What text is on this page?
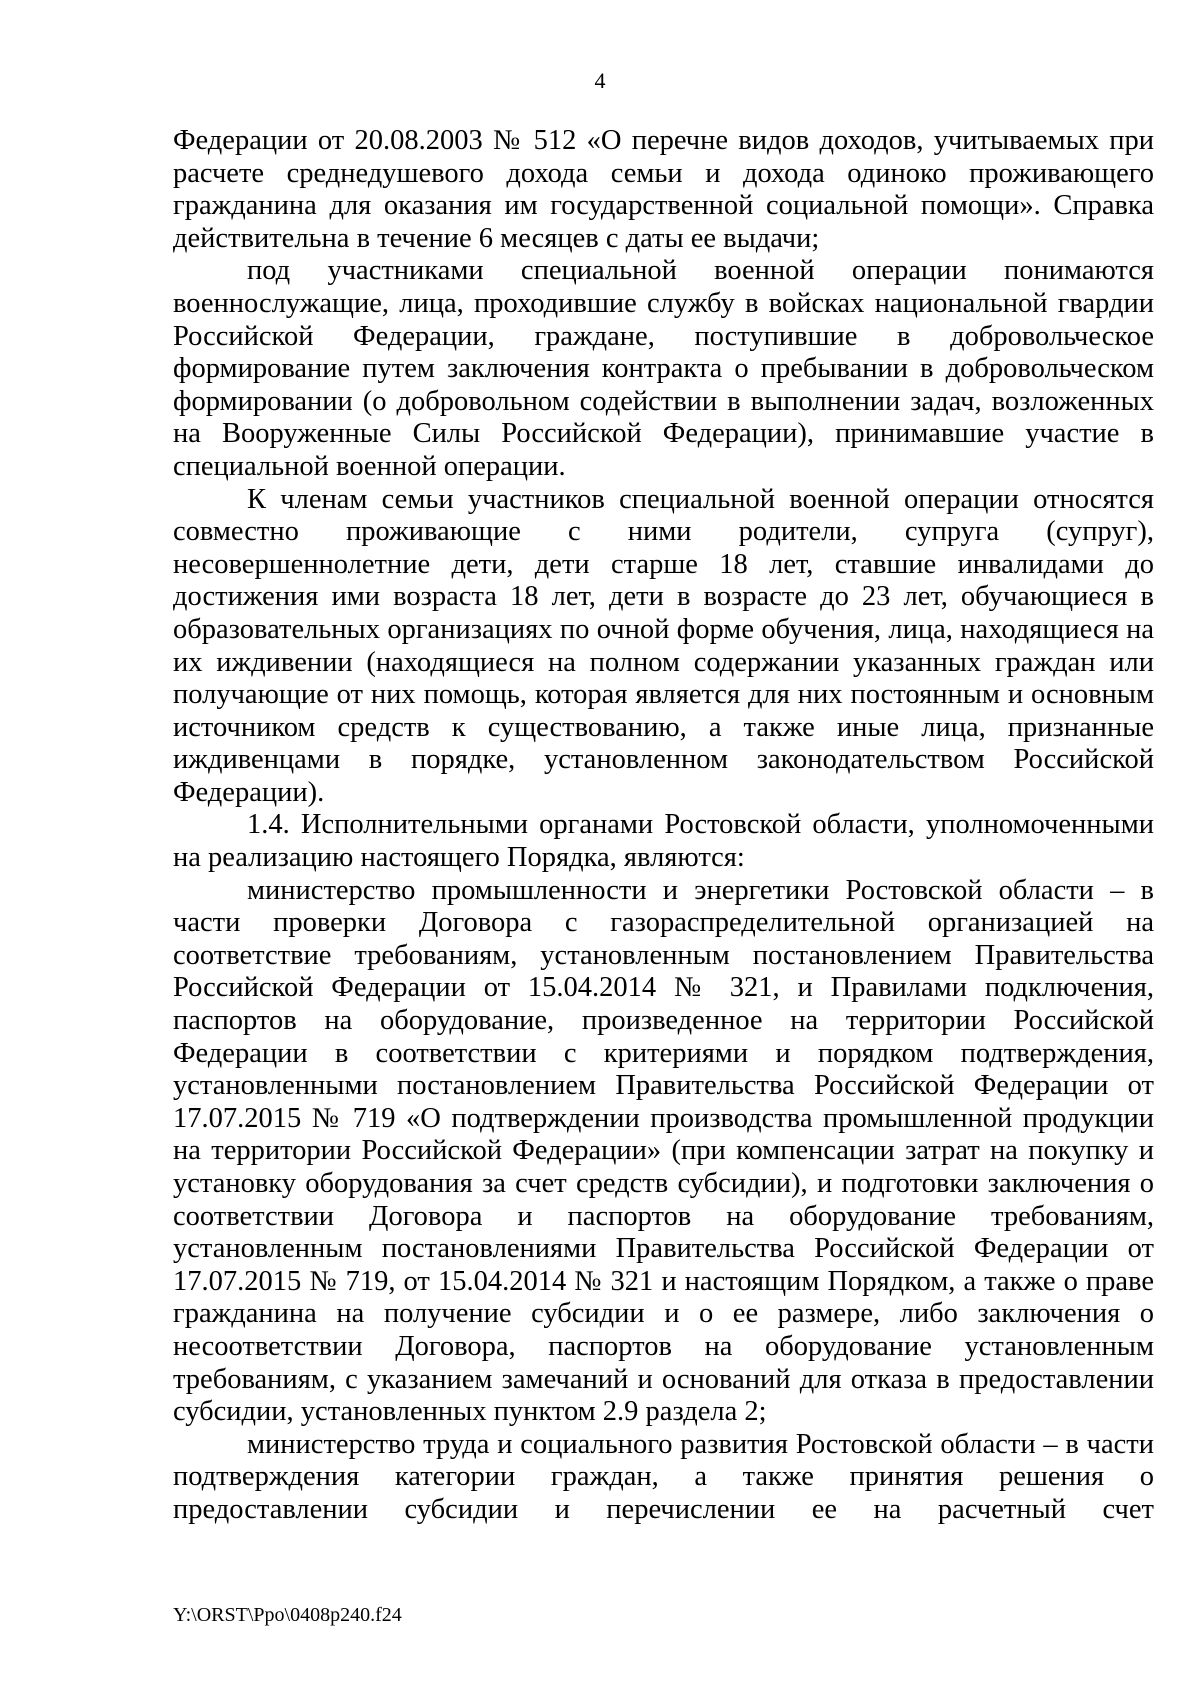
4

Федерации от 20.08.2003 № 512 «О перечне видов доходов, учитываемых при расчете среднедушевого дохода семьи и дохода одиноко проживающего гражданина для оказания им государственной социальной помощи». Справка действительна в течение 6 месяцев с даты ее выдачи;

под участниками специальной военной операции понимаются военнослужащие, лица, проходившие службу в войсках национальной гвардии Российской Федерации, граждане, поступившие в добровольческое формирование путем заключения контракта о пребывании в добровольческом формировании (о добровольном содействии в выполнении задач, возложенных на Вооруженные Силы Российской Федерации), принимавшие участие в специальной военной операции.

К членам семьи участников специальной военной операции относятся совместно проживающие с ними родители, супруга (супруг), несовершеннолетние дети, дети старше 18 лет, ставшие инвалидами до достижения ими возраста 18 лет, дети в возрасте до 23 лет, обучающиеся в образовательных организациях по очной форме обучения, лица, находящиеся на их иждивении (находящиеся на полном содержании указанных граждан или получающие от них помощь, которая является для них постоянным и основным источником средств к существованию, а также иные лица, признанные иждивенцами в порядке, установленном законодательством Российской Федерации).

1.4. Исполнительными органами Ростовской области, уполномоченными на реализацию настоящего Порядка, являются:

министерство промышленности и энергетики Ростовской области – в части проверки Договора с газораспределительной организацией на соответствие требованиям, установленным постановлением Правительства Российской Федерации от 15.04.2014 № 321, и Правилами подключения, паспортов на оборудование, произведенное на территории Российской Федерации в соответствии с критериями и порядком подтверждения, установленными постановлением Правительства Российской Федерации от 17.07.2015 № 719 «О подтверждении производства промышленной продукции на территории Российской Федерации» (при компенсации затрат на покупку и установку оборудования за счет средств субсидии), и подготовки заключения о соответствии Договора и паспортов на оборудование требованиям, установленным постановлениями Правительства Российской Федерации от 17.07.2015 № 719, от 15.04.2014 № 321 и настоящим Порядком, а также о праве гражданина на получение субсидии и о ее размере, либо заключения о несоответствии Договора, паспортов на оборудование установленным требованиям, с указанием замечаний и оснований для отказа в предоставлении субсидии, установленных пунктом 2.9 раздела 2;

министерство труда и социального развития Ростовской области – в части подтверждения категории граждан, а также принятия решения о предоставлении субсидии и перечислении ее на расчетный счет

Y:\ORST\Ppo\0408p240.f24
